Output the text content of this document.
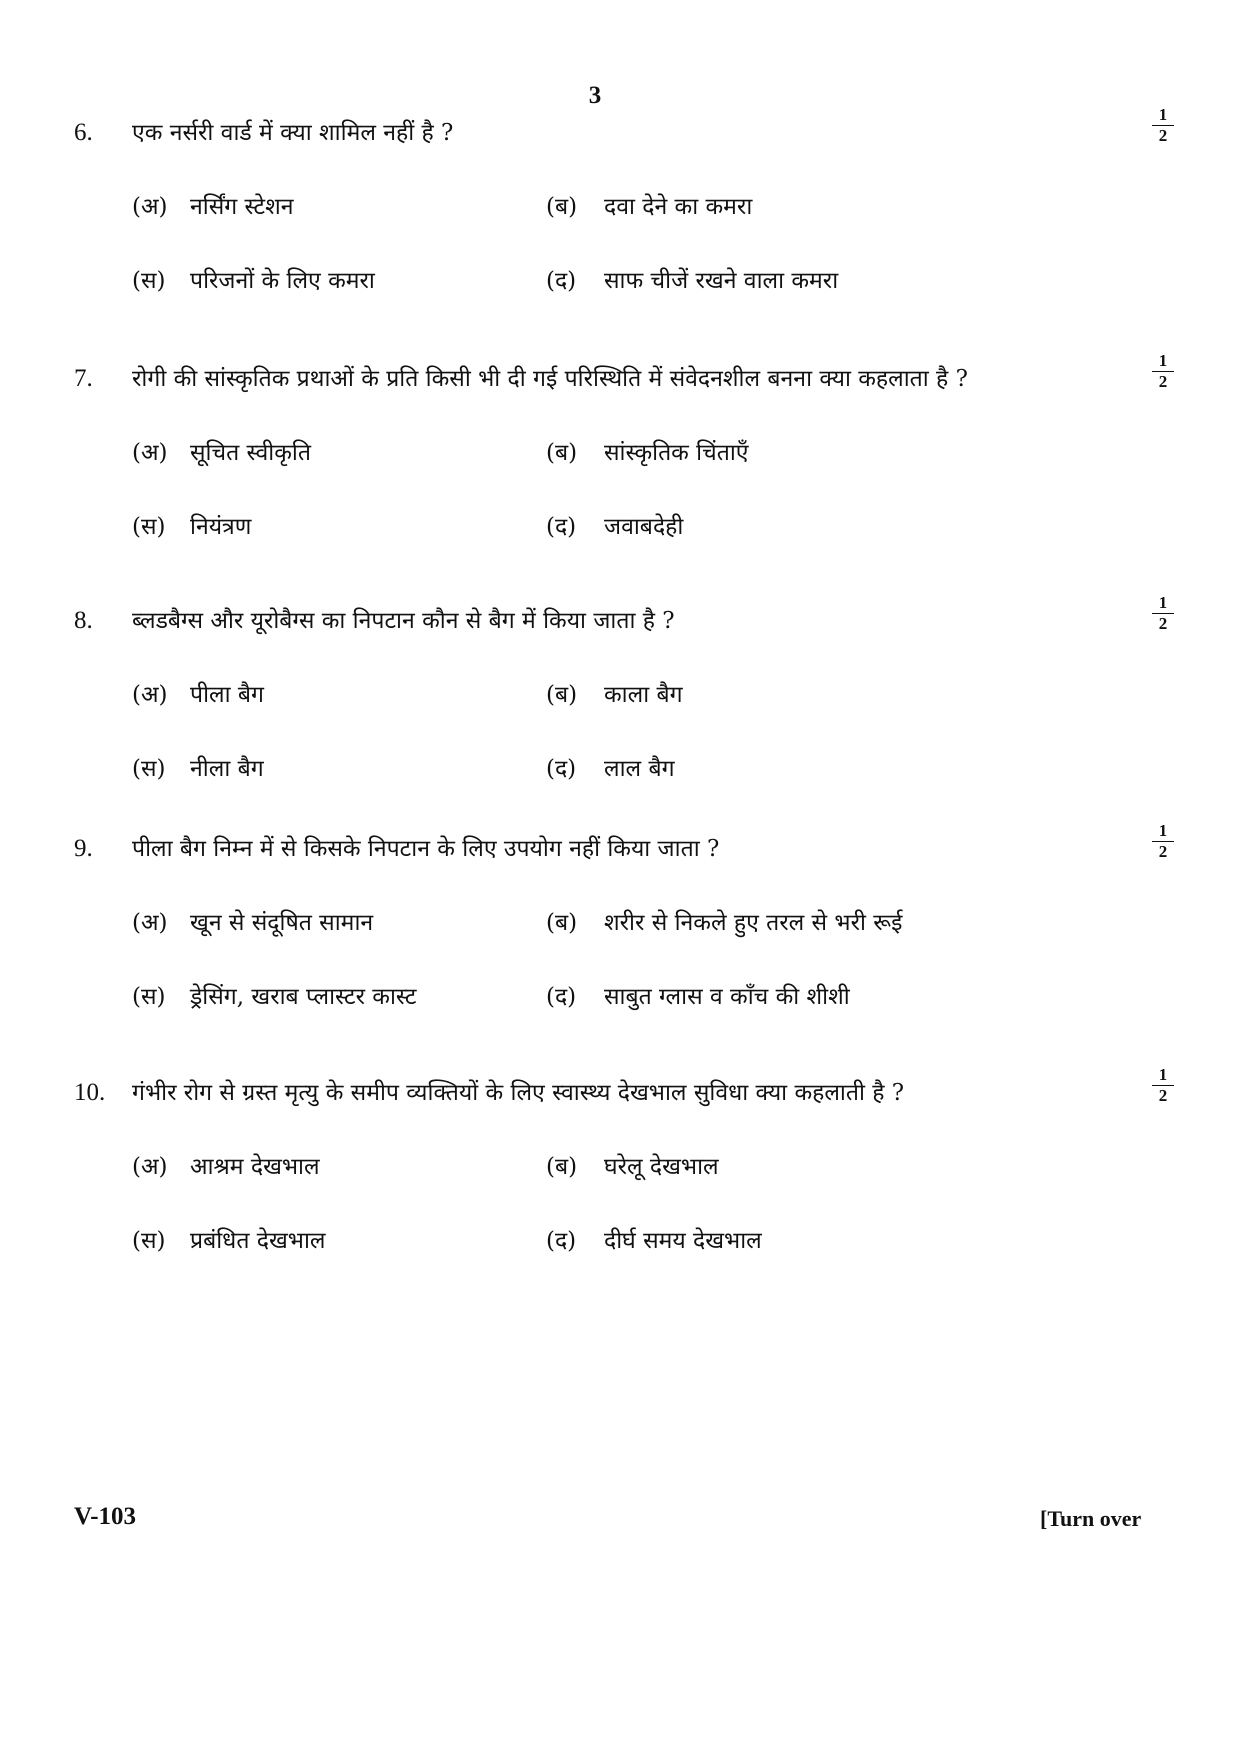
3
6. एक नर्सरी वार्ड में क्या शामिल नहीं है ?	$\frac{1}{2}$
(अ) नर्सिंग स्टेशन	(ब) दवा देने का कमरा
(स) परिजनों के लिए कमरा	(द) साफ चीजें रखने वाला कमरा
7. रोगी की सांस्कृतिक प्रथाओं के प्रति किसी भी दी गई परिस्थिति में संवेदनशील बनना क्या कहलाता है ?	$\frac{1}{2}$
(अ) सूचित स्वीकृति	(ब) सांस्कृतिक चिंताएँ
(स) नियंत्रण	(द) जवाबदेही
8. ब्लडबैग्स और यूरोबैग्स का निपटान कौन से बैग में किया जाता है ?	$\frac{1}{2}$
(अ) पीला बैग	(ब) काला बैग
(स) नीला बैग	(द) लाल बैग
9. पीला बैग निम्न में से किसके निपटान के लिए उपयोग नहीं किया जाता ?	$\frac{1}{2}$
(अ) खून से संदूषित सामान	(ब) शरीर से निकले हुए तरल से भरी रूई
(स) ड्रेसिंग, खराब प्लास्टर कास्ट	(द) साबुत ग्लास व काँच की शीशी
10. गंभीर रोग से ग्रस्त मृत्यु के समीप व्यक्तियों के लिए स्वास्थ्य देखभाल सुविधा क्या कहलाती है ?	$\frac{1}{2}$
(अ) आश्रम देखभाल	(ब) घरेलू देखभाल
(स) प्रबंधित देखभाल	(द) दीर्घ समय देखभाल
V-103	[Turn over
